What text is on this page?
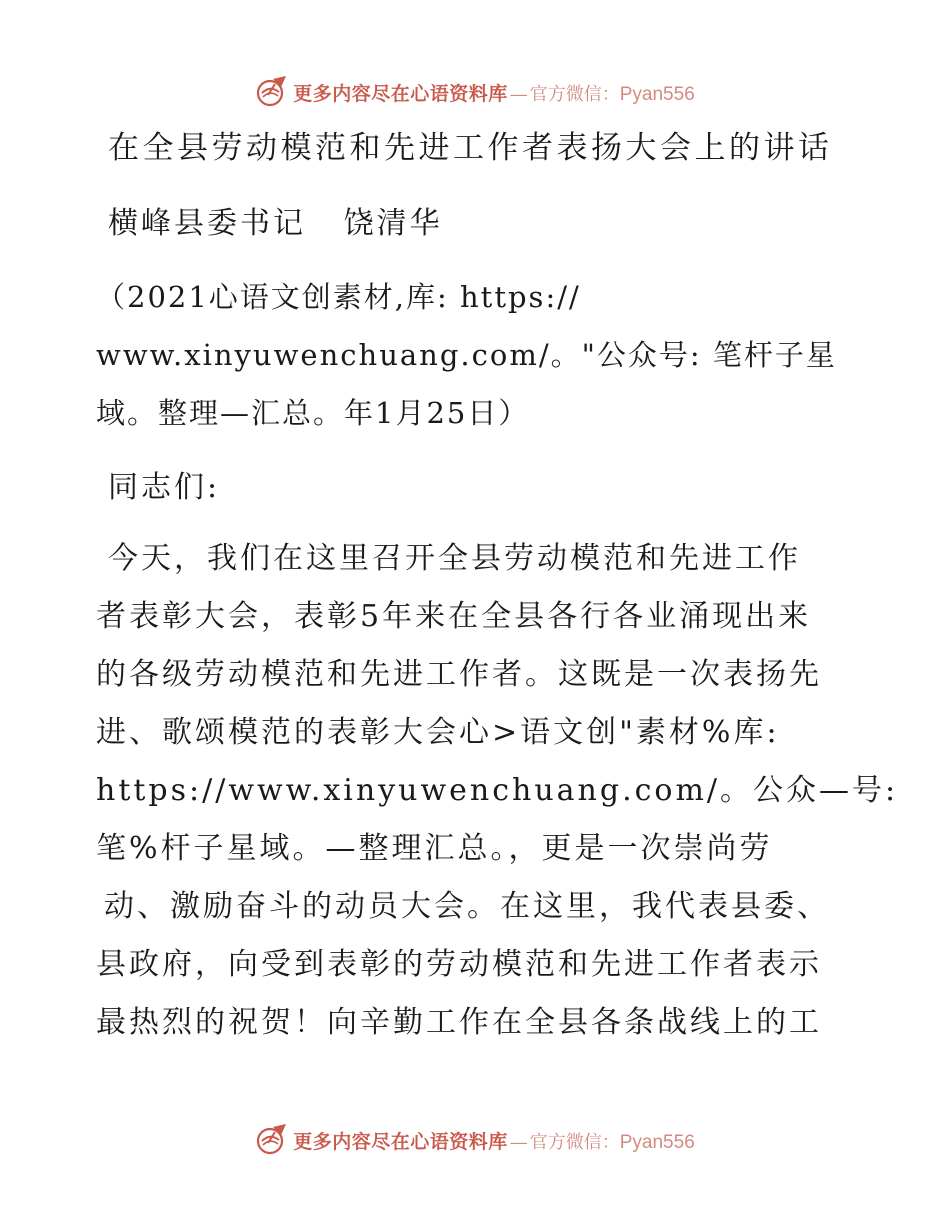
更多内容尽在心语资料库 — 官方微信： Pyan556
在全县劳动模范和先进工作者表扬大会上的讲话

横峰县委书记   饶清华

（2021心语文创素材,库: https://
www.xinyuwenchuang.com/。"公众号: 笔杆子星
域。整理—汇总。年1月25日）

同志们:

今天，我们在这里召开全县劳动模范和先进工作
者表彰大会，表彰5年来在全县各行各业涌现出来
的各级劳动模范和先进工作者。这既是一次表扬先
进、歌颂模范的表彰大会心>语文创"素材%库:
https://www.xinyuwenchuang.com/。公众—号:
笔%杆子星域。—整理汇总。，更是一次崇尚劳
动、激励奋斗的动员大会。在这里，我代表县委、
县政府，向受到表彰的劳动模范和先进工作者表示
最热烈的祝贺！向辛勤工作在全县各条战线上的工

更多内容尽在心语资料库 — 官方微信： Pyan556
